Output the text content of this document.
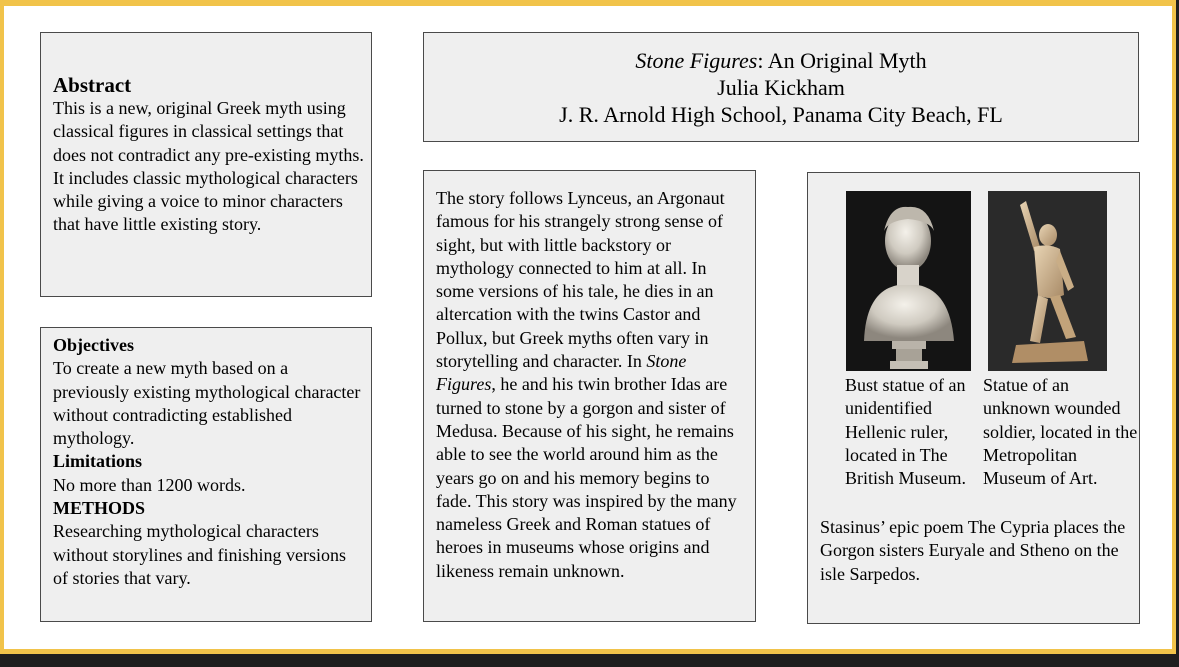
Abstract

This is a new, original Greek myth using classical figures in classical settings that does not contradict any pre-existing myths. It includes classic mythological characters while giving a voice to minor characters that have little existing story.

Objectives

To create a new myth based on a previously existing mythological character without contradicting established mythology.

Limitations

No more than 1200 words.

METHODS

Researching mythological characters without storylines and finishing versions of stories that vary.

Stone Figures: An Original Myth
Julia Kickham
J. R. Arnold High School, Panama City Beach, FL

The story follows Lynceus, an Argonaut famous for his strangely strong sense of sight, but with little backstory or mythology connected to him at all. In some versions of his tale, he dies in an altercation with the twins Castor and Pollux, but Greek myths often vary in storytelling and character. In Stone Figures, he and his twin brother Idas are turned to stone by a gorgon and sister of Medusa. Because of his sight, he remains able to see the world around him as the years go on and his memory begins to fade. This story was inspired by the many nameless Greek and Roman statues of heroes in museums whose origins and likeness remain unknown.

Bust statue of an unidentified Hellenic ruler, located in The British Museum.
Statue of an unknown wounded soldier, located in the Metropolitan Museum of Art.
Stasinus’ epic poem The Cypria places the Gorgon sisters Euryale and Stheno on the isle Sarpedos.
